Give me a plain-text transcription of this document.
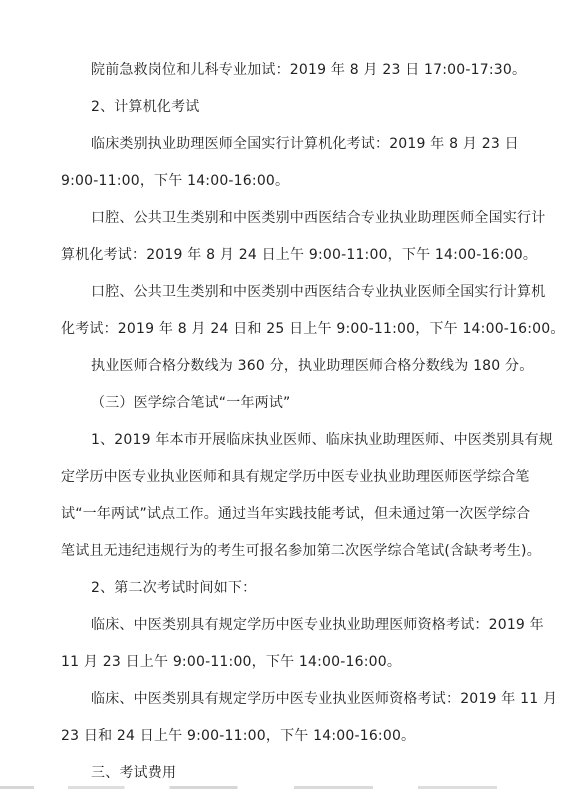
院前急救岗位和儿科专业加试：2019 年 8 月 23 日 17:00-17:30。
2、计算机化考试
临床类别执业助理医师全国实行计算机化考试：2019 年 8 月 23 日
9:00-11:00，下午 14:00-16:00。
口腔、公共卫生类别和中医类别中西医结合专业执业助理医师全国实行计
算机化考试：2019 年 8 月 24 日上午 9:00-11:00，下午 14:00-16:00。
口腔、公共卫生类别和中医类别中西医结合专业执业医师全国实行计算机
化考试：2019 年 8 月 24 日和 25 日上午 9:00-11:00，下午 14:00-16:00。
执业医师合格分数线为 360 分，执业助理医师合格分数线为 180 分。
（三）医学综合笔试“一年两试”
1、2019 年本市开展临床执业医师、临床执业助理医师、中医类别具有规
定学历中医专业执业医师和具有规定学历中医专业执业助理医师医学综合笔
试“一年两试”试点工作。通过当年实践技能考试，但未通过第一次医学综合
笔试且无违纪违规行为的考生可报名参加第二次医学综合笔试(含缺考考生)。
2、第二次考试时间如下：
临床、中医类别具有规定学历中医专业执业助理医师资格考试：2019 年
11 月 23 日上午 9:00-11:00，下午 14:00-16:00。
临床、中医类别具有规定学历中医专业执业医师资格考试：2019 年 11 月
23 日和 24 日上午 9:00-11:00，下午 14:00-16:00。
三、考试费用
